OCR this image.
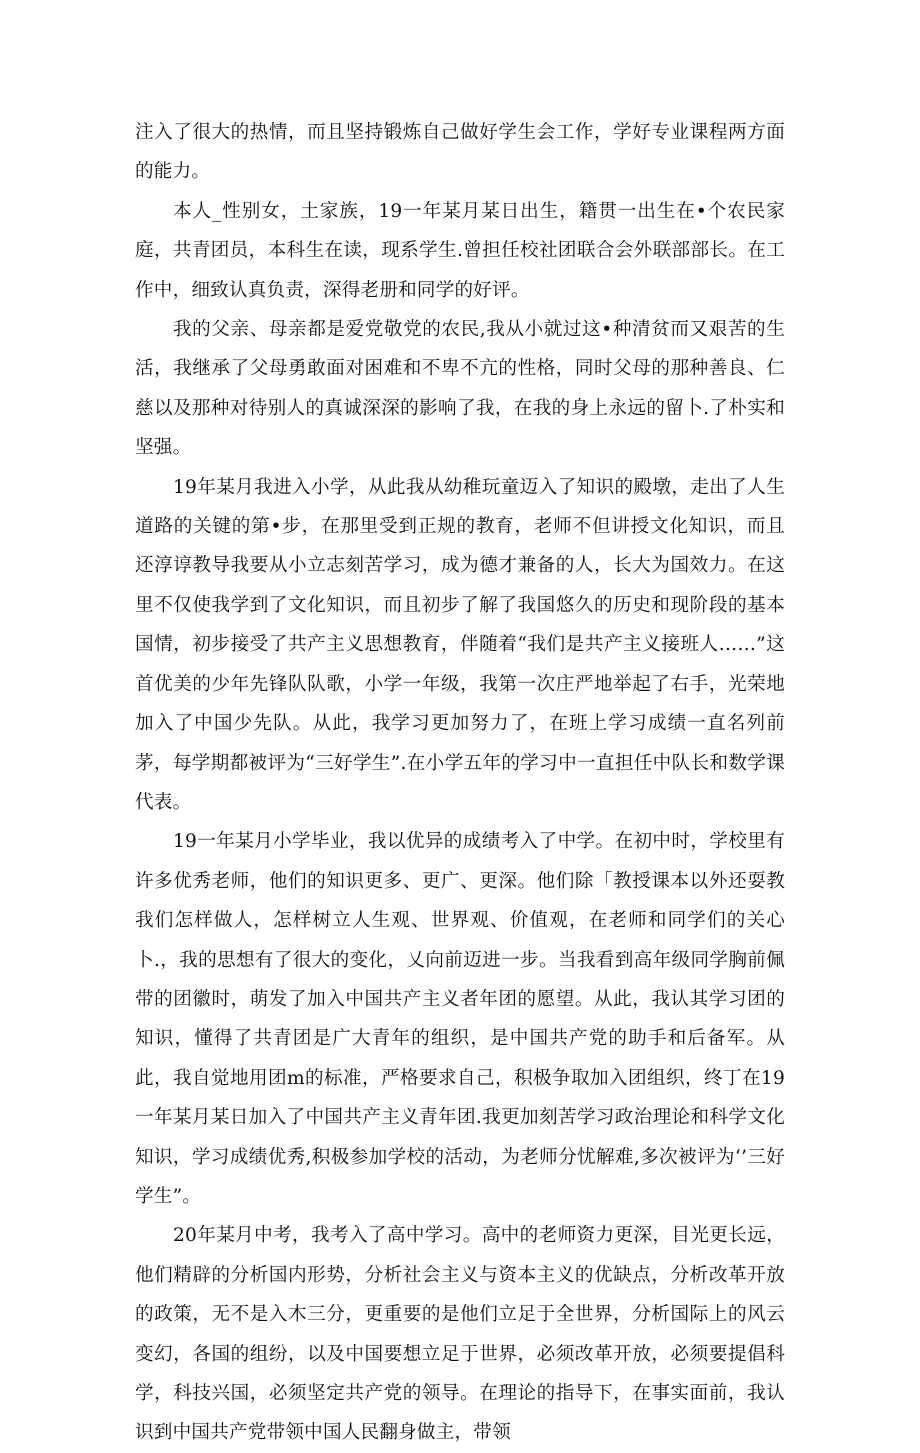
注入了很大的热情，而且坚持锻炼自己做好学生会工作，学好专业课程两方面的能力。

本人_性别女，土家族，19一年某月某日出生，籍贯一出生在•个农民家庭，共青团员，本科生在读，现系学生.曾担任校社团联合会外联部部长。在工作中，细致认真负责，深得老册和同学的好评。

我的父亲、母亲都是爱党敬党的农民,我从小就过这•种清贫而又艰苦的生活，我继承了父母勇敢面对困难和不卑不亢的性格，同时父母的那种善良、仁慈以及那种对待别人的真诚深深的影响了我，在我的身上永远的留卜.了朴实和坚强。

19年某月我进入小学，从此我从幼稚玩童迈入了知识的殿墩，走出了人生道路的关键的第•步，在那里受到正规的教育，老师不但讲授文化知识，而且还淳谆教导我要从小立志刻苦学习，成为德才兼备的人，长大为国效力。在这里不仅使我学到了文化知识，而且初步了解了我国悠久的历史和现阶段的基本国情，初步接受了共产主义思想教育，伴随着“我们是共产主义接班人……”这首优美的少年先锋队队歌，小学一年级，我第一次庄严地举起了右手，光荣地加入了中国少先队。从此，我学习更加努力了，在班上学习成绩一直名列前茅，每学期都被评为“三好学生”.在小学五年的学习中一直担任中队长和数学课代表。

19一年某月小学毕业，我以优异的成绩考入了中学。在初中时，学校里有许多优秀老师，他们的知识更多、更广、更深。他们除「教授课本以外还耍教我们怎样做人，怎样树立人生观、世界观、价值观，在老师和同学们的关心卜.，我的思想有了很大的变化，乂向前迈进一步。当我看到高年级同学胸前佩带的团徽时，萌发了加入中国共产主义者年团的愿望。从此，我认其学习团的知识，懂得了共青团是广大青年的组织，是中国共产党的助手和后备军。从此，我自觉地用团m的标准，严格要求自己，积极争取加入团组织，终丁在19一年某月某日加入了中国共产主义青年团.我更加刻苦学习政治理论和科学文化知识，学习成绩优秀,积极参加学校的活动，为老师分忧解难,多次被评为‘’三好学生”。

20年某月中考，我考入了高中学习。高中的老师资力更深，目光更长远，他们精辟的分析国内形势，分析社会主义与资本主义的优缺点，分析改革开放的政策，无不是入木三分，更重要的是他们立足于全世界，分析国际上的风云变幻，各国的组纷，以及中国要想立足于世界，必须改革开放，必须要提倡科学，科技兴国，必须坚定共产党的领导。在理论的指导下，在事实面前，我认识到中国共产党带领中国人民翻身做主，带领
